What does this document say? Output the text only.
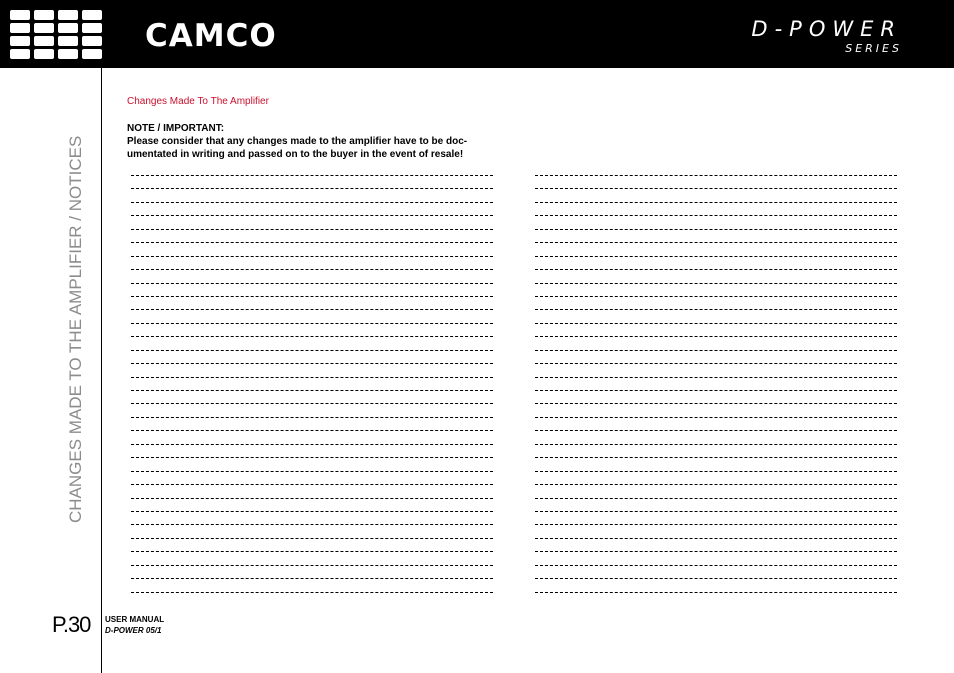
CAMCO	D-POWER
SERIES
CHANGES MADE TO THE AMPLIFIER / NOTICES
P.30 USER MANUAL
D-POWER 05/1
Changes Made To The Amplifier
NOTE / IMPORTANT:
Please consider that any changes made to the amplifier have to be doc-umentated in writing and passed on to the buyer in the event of resale!
